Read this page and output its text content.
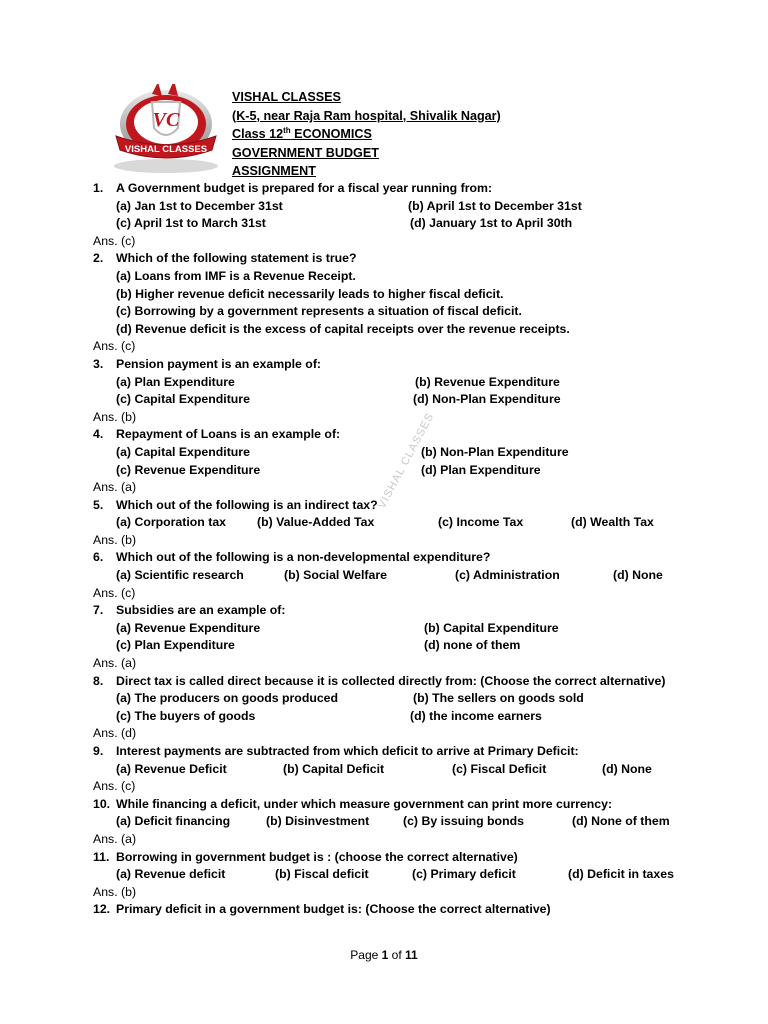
VC
VISHAL CLASSES
VISHAL CLASSES
(K-5, near Raja Ram hospital, Shivalik Nagar)
Class 12th ECONOMICS
GOVERNMENT BUDGET
ASSIGNMENT
1. A Government budget is prepared for a fiscal year running from:
(a) Jan 1st to December 31st	(b) April 1st to December 31st
(c) April 1st to March 31st	(d) January 1st to April 30th
Ans. (c)
2. Which of the following statement is true?
(a) Loans from IMF is a Revenue Receipt.
(b) Higher revenue deficit necessarily leads to higher fiscal deficit.
(c) Borrowing by a government represents a situation of fiscal deficit.
(d) Revenue deficit is the excess of capital receipts over the revenue receipts.
Ans. (c)
3. Pension payment is an example of:
(a) Plan Expenditure	(b) Revenue Expenditure
(c) Capital Expenditure	(d) Non-Plan Expenditure
Ans. (b)
4. Repayment of Loans is an example of:
(a) Capital Expenditure	(b) Non-Plan Expenditure
(c) Revenue Expenditure	(d) Plan Expenditure
Ans. (a)
5. Which out of the following is an indirect tax?
(a) Corporation tax	(b) Value-Added Tax	(c) Income Tax	(d) Wealth Tax
Ans. (b)
6. Which out of the following is a non-developmental expenditure?
(a) Scientific research	(b) Social Welfare	(c) Administration	(d) None
Ans. (c)
7. Subsidies are an example of:
(a) Revenue Expenditure	(b) Capital Expenditure
(c) Plan Expenditure	(d) none of them
Ans. (a)
8. Direct tax is called direct because it is collected directly from: (Choose the correct alternative)
(a) The producers on goods produced	(b) The sellers on goods sold
(c) The buyers of goods	(d) the income earners
Ans. (d)
9. Interest payments are subtracted from which deficit to arrive at Primary Deficit:
(a) Revenue Deficit	(b) Capital Deficit	(c) Fiscal Deficit	(d) None
Ans. (c)
10. While financing a deficit, under which measure government can print more currency:
(a) Deficit financing	(b) Disinvestment	(c) By issuing bonds	(d) None of them
Ans. (a)
11. Borrowing in government budget is : (choose the correct alternative)
(a) Revenue deficit	(b) Fiscal deficit	(c) Primary deficit	(d) Deficit in taxes
Ans. (b)
12. Primary deficit in a government budget is: (Choose the correct alternative)
VISHAL CLASSES
Page 1 of 11
